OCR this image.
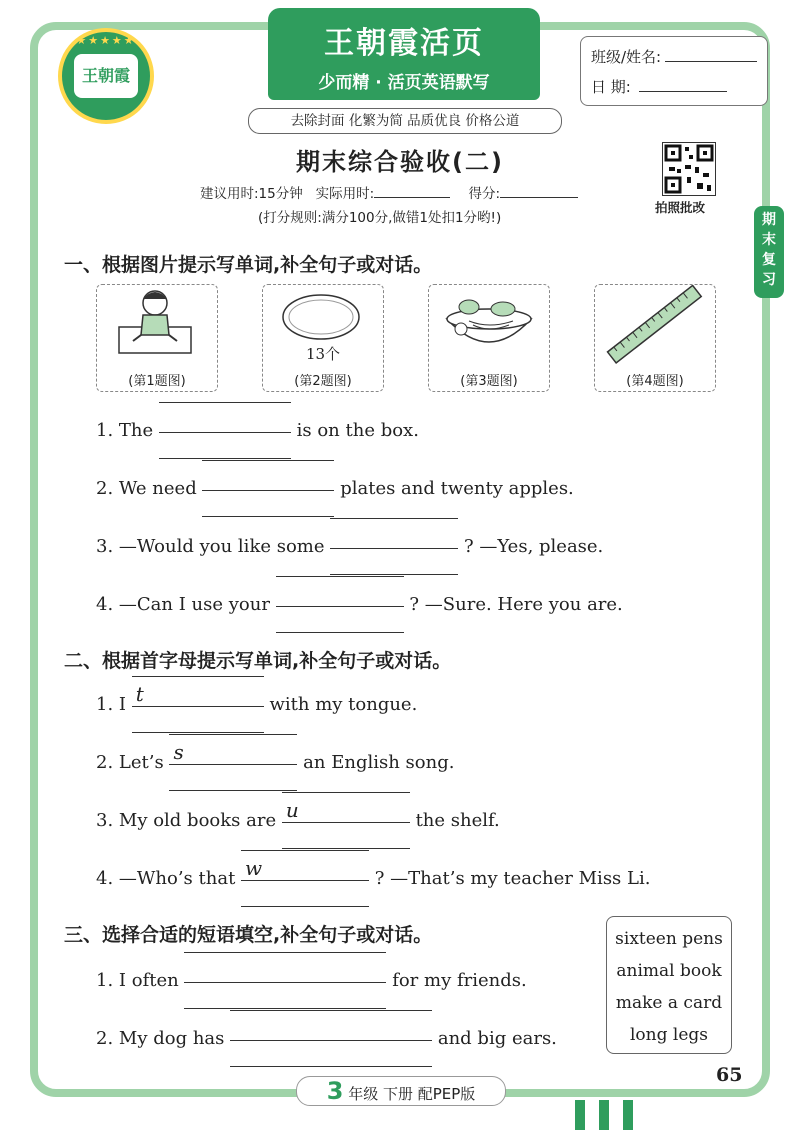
★★★★★
王朝霞
王朝霞活页
少而精 · 活页英语默写
班级/姓名:
日 期:
去除封面 化繁为简 品质优良 价格公道
期末综合验收(二)
建议用时:15分钟 实际用时:	得分:
(打分规则:满分100分,做错1处扣1分哟!)
拍照批改
期末复习
一、根据图片提示写单词,补全句子或对话。
(第1题图)
13个
(第2题图)	(第3题图)	(第4题图)
1. The	is on the box.
2. We need	plates and twenty apples.
3. —Would you like some	? —Yes, please.
4. —Can I use your	? —Sure. Here you are.
二、根据首字母提示写单词,补全句子或对话。
1. I t	with my tongue.
2. Let’s s	an English song.
3. My old books are u	the shelf.
4. —Who’s that w	? —That’s my teacher Miss Li.
三、选择合适的短语填空,补全句子或对话。	sixteen pens
animal book
make a card
long legs
1. I often	for my friends.
2. My dog has	and big ears.
3 年级 下册 配PEP版
65
